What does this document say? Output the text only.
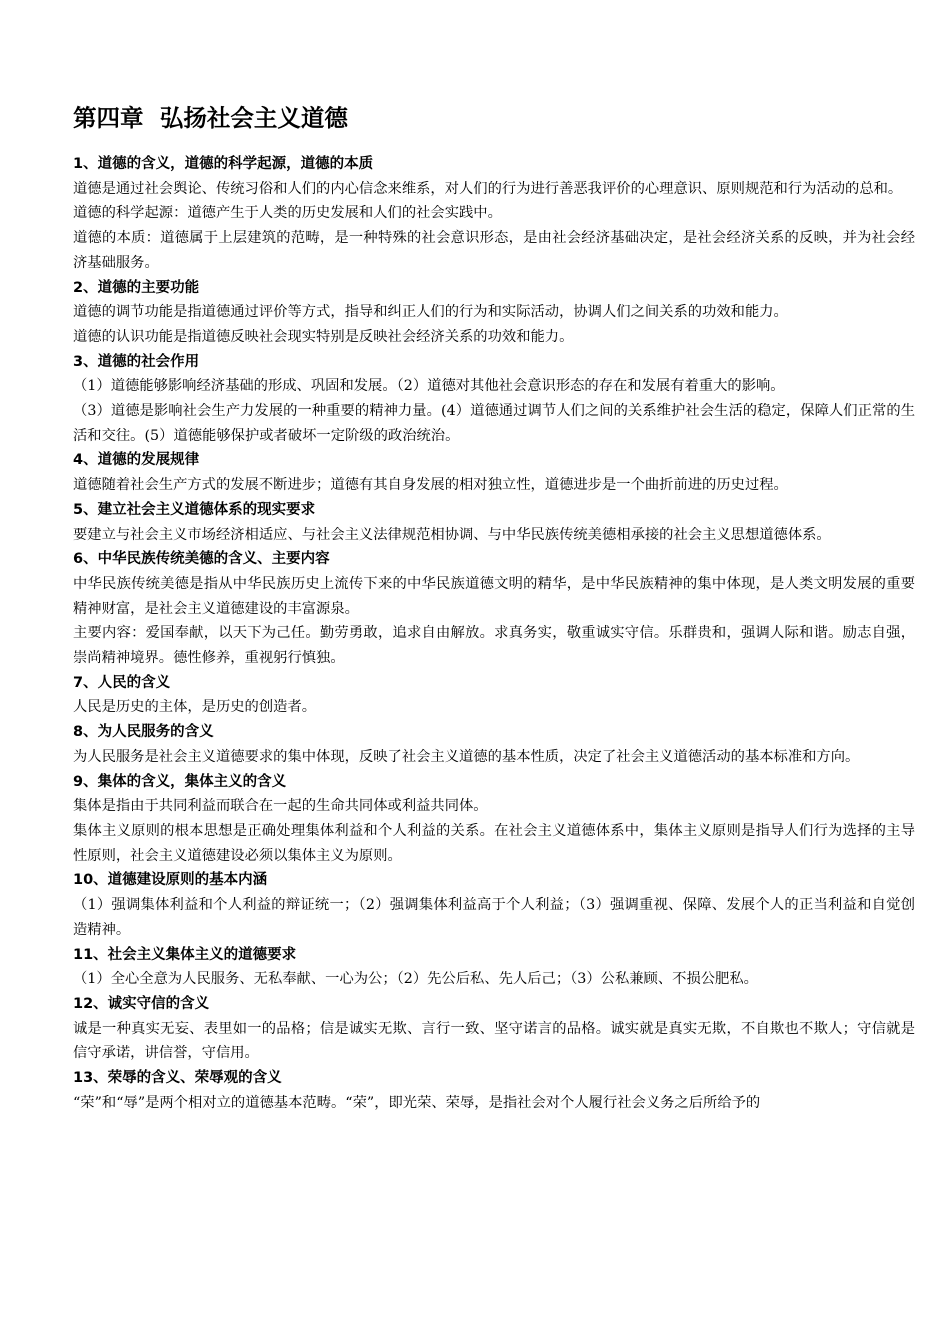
第四章  弘扬社会主义道德
1、道德的含义，道德的科学起源，道德的本质

道德是通过社会舆论、传统习俗和人们的内心信念来维系，对人们的行为进行善恶我评价的心理意识、原则规范和行为活动的总和。

道德的科学起源：道德产生于人类的历史发展和人们的社会实践中。

道德的本质：道德属于上层建筑的范畴，是一种特殊的社会意识形态，是由社会经济基础决定，是社会经济关系的反映，并为社会经济基础服务。

2、道德的主要功能

道德的调节功能是指道德通过评价等方式，指导和纠正人们的行为和实际活动，协调人们之间关系的功效和能力。

道德的认识功能是指道德反映社会现实特别是反映社会经济关系的功效和能力。

3、道德的社会作用

（1）道德能够影响经济基础的形成、巩固和发展。（2）道德对其他社会意识形态的存在和发展有着重大的影响。

（3）道德是影响社会生产力发展的一种重要的精神力量。(4）道德通过调节人们之间的关系维护社会生活的稳定，保障人们正常的生活和交往。(5）道德能够保护或者破坏一定阶级的政治统治。

4、道德的发展规律

道德随着社会生产方式的发展不断进步；道德有其自身发展的相对独立性，道德进步是一个曲折前进的历史过程。

5、建立社会主义道德体系的现实要求

要建立与社会主义市场经济相适应、与社会主义法律规范相协调、与中华民族传统美德相承接的社会主义思想道德体系。

6、中华民族传统美德的含义、主要内容

中华民族传统美德是指从中华民族历史上流传下来的中华民族道德文明的精华，是中华民族精神的集中体现，是人类文明发展的重要精神财富，是社会主义道德建设的丰富源泉。

主要内容：爱国奉献，以天下为己任。勤劳勇敢，追求自由解放。求真务实，敬重诚实守信。乐群贵和，强调人际和谐。励志自强，崇尚精神境界。德性修养，重视躬行慎独。

7、人民的含义

人民是历史的主体，是历史的创造者。

8、为人民服务的含义

为人民服务是社会主义道德要求的集中体现，反映了社会主义道德的基本性质，决定了社会主义道德活动的基本标准和方向。

9、集体的含义，集体主义的含义

集体是指由于共同利益而联合在一起的生命共同体或利益共同体。

集体主义原则的根本思想是正确处理集体利益和个人利益的关系。在社会主义道德体系中，集体主义原则是指导人们行为选择的主导性原则，社会主义道德建设必须以集体主义为原则。

10、道德建设原则的基本内涵

（1）强调集体利益和个人利益的辩证统一；（2）强调集体利益高于个人利益；（3）强调重视、保障、发展个人的正当利益和自觉创造精神。

11、社会主义集体主义的道德要求

（1）全心全意为人民服务、无私奉献、一心为公；（2）先公后私、先人后己；（3）公私兼顾、不损公肥私。

12、诚实守信的含义

诚是一种真实无妄、表里如一的品格；信是诚实无欺、言行一致、坚守诺言的品格。诚实就是真实无欺，不自欺也不欺人；守信就是信守承诺，讲信誉，守信用。

13、荣辱的含义、荣辱观的含义

“荣”和“辱”是两个相对立的道德基本范畴。“荣”，即光荣、荣辱，是指社会对个人履行社会义务之后所给予的
